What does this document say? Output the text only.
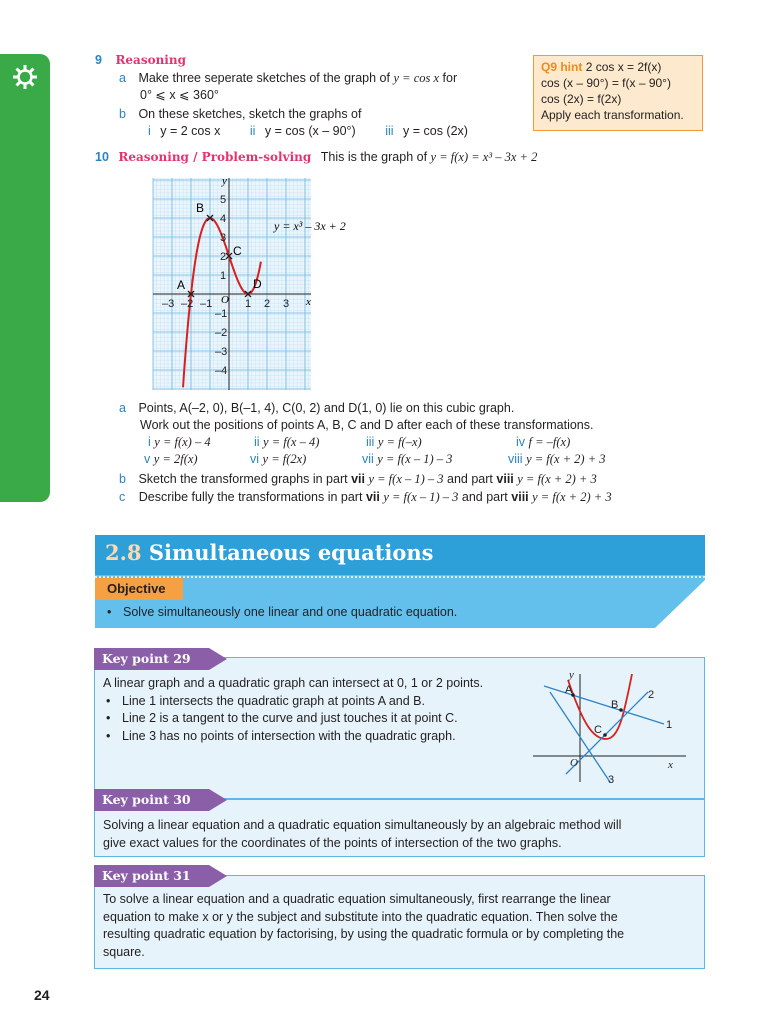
9 Reasoning
a Make three seperate sketches of the graph of y = cos x for
0° ⩽ x ⩽ 360°
b On these sketches, sketch the graphs of
i y = 2 cos x ii y = cos (x – 90°) iii y = cos (2x)
Q9 hint 2 cos x = 2f(x)
cos (x – 90°) = f(x – 90°)
cos (2x) = f(2x)
Apply each transformation.
10 Reasoning / Problem-solving This is the graph of y = f(x) = x³ – 3x + 2
–3 –2 –1	1 2 3
5
4
3
2
1
–1
–2
–3
–4
A
B
C
D
x
y
O
y = x³ – 3x + 2
a Points, A(–2, 0), B(–1, 4), C(0, 2) and D(1, 0) lie on this cubic graph.
Work out the positions of points A, B, C and D after each of these transformations.
i y = f(x) – 4	ii y = f(x – 4)	iii y = f(–x)	iv f = –f(x)
v y = 2f(x)	vi y = f(2x)	vii y = f(x – 1) – 3	viii y = f(x + 2) + 3
b Sketch the transformed graphs in part vii y = f(x – 1) – 3 and part viii y = f(x + 2) + 3
c Describe fully the transformations in part vii y = f(x – 1) – 3 and part viii y = f(x + 2) + 3
2.8 Simultaneous equations
Objective
• Solve simultaneously one linear and one quadratic equation.
Key point 29
A linear graph and a quadratic graph can intersect at 0, 1 or 2 points.
• Line 1 intersects the quadratic graph at points A and B.
• Line 2 is a tangent to the curve and just touches it at point C.
• Line 3 has no points of intersection with the quadratic graph.
y
x
O
A
B
C	1
2
3
Key point 30
Solving a linear equation and a quadratic equation simultaneously by an algebraic method will
give exact values for the coordinates of the points of intersection of the two graphs.
Key point 31
To solve a linear equation and a quadratic equation simultaneously, first rearrange the linear
equation to make x or y the subject and substitute into the quadratic equation. Then solve the
resulting quadratic equation by factorising, by using the quadratic formula or by completing the
square.
24
